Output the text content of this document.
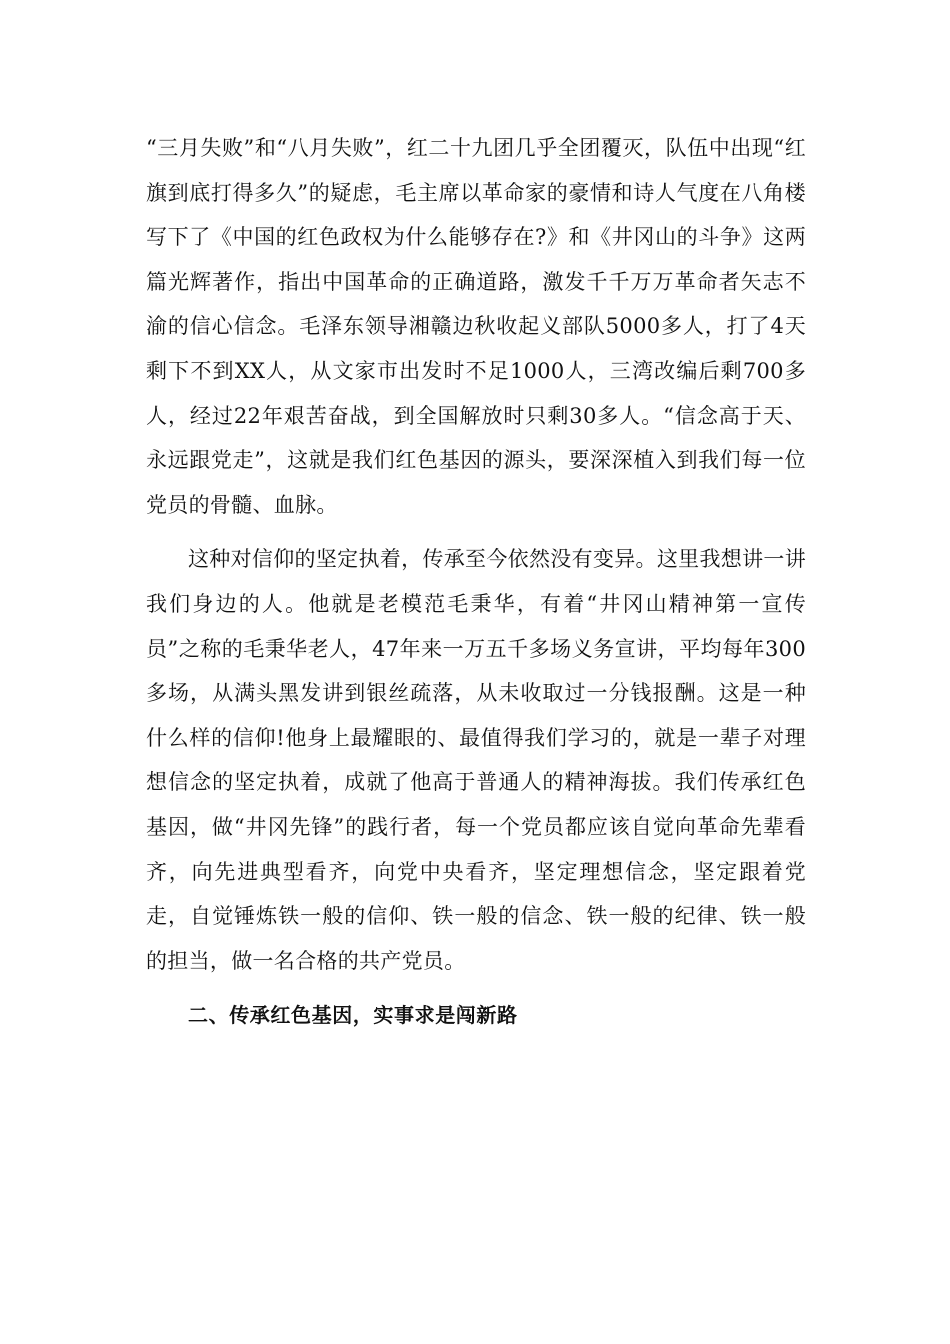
“三月失败”和“八月失败”，红二十九团几乎全团覆灭，队伍中出现“红旗到底打得多久”的疑虑，毛主席以革命家的豪情和诗人气度在八角楼写下了《中国的红色政权为什么能够存在?》和《井冈山的斗争》这两篇光辉著作，指出中国革命的正确道路，激发千千万万革命者矢志不渝的信心信念。毛泽东领导湘赣边秋收起义部队5000多人，打了4天剩下不到XX人，从文家市出发时不足1000人，三湾改编后剩700多人，经过22年艰苦奋战，到全国解放时只剩30多人。“信念高于天、永远跟党走”，这就是我们红色基因的源头，要深深植入到我们每一位党员的骨髓、血脉。

这种对信仰的坚定执着，传承至今依然没有变异。这里我想讲一讲我们身边的人。他就是老模范毛秉华，有着“井冈山精神第一宣传员”之称的毛秉华老人，47年来一万五千多场义务宣讲，平均每年300多场，从满头黑发讲到银丝疏落，从未收取过一分钱报酬。这是一种什么样的信仰!他身上最耀眼的、最值得我们学习的，就是一辈子对理想信念的坚定执着，成就了他高于普通人的精神海拔。我们传承红色基因，做“井冈先锋”的践行者，每一个党员都应该自觉向革命先辈看齐，向先进典型看齐，向党中央看齐，坚定理想信念，坚定跟着党走，自觉锤炼铁一般的信仰、铁一般的信念、铁一般的纪律、铁一般的担当，做一名合格的共产党员。

二、传承红色基因，实事求是闯新路
